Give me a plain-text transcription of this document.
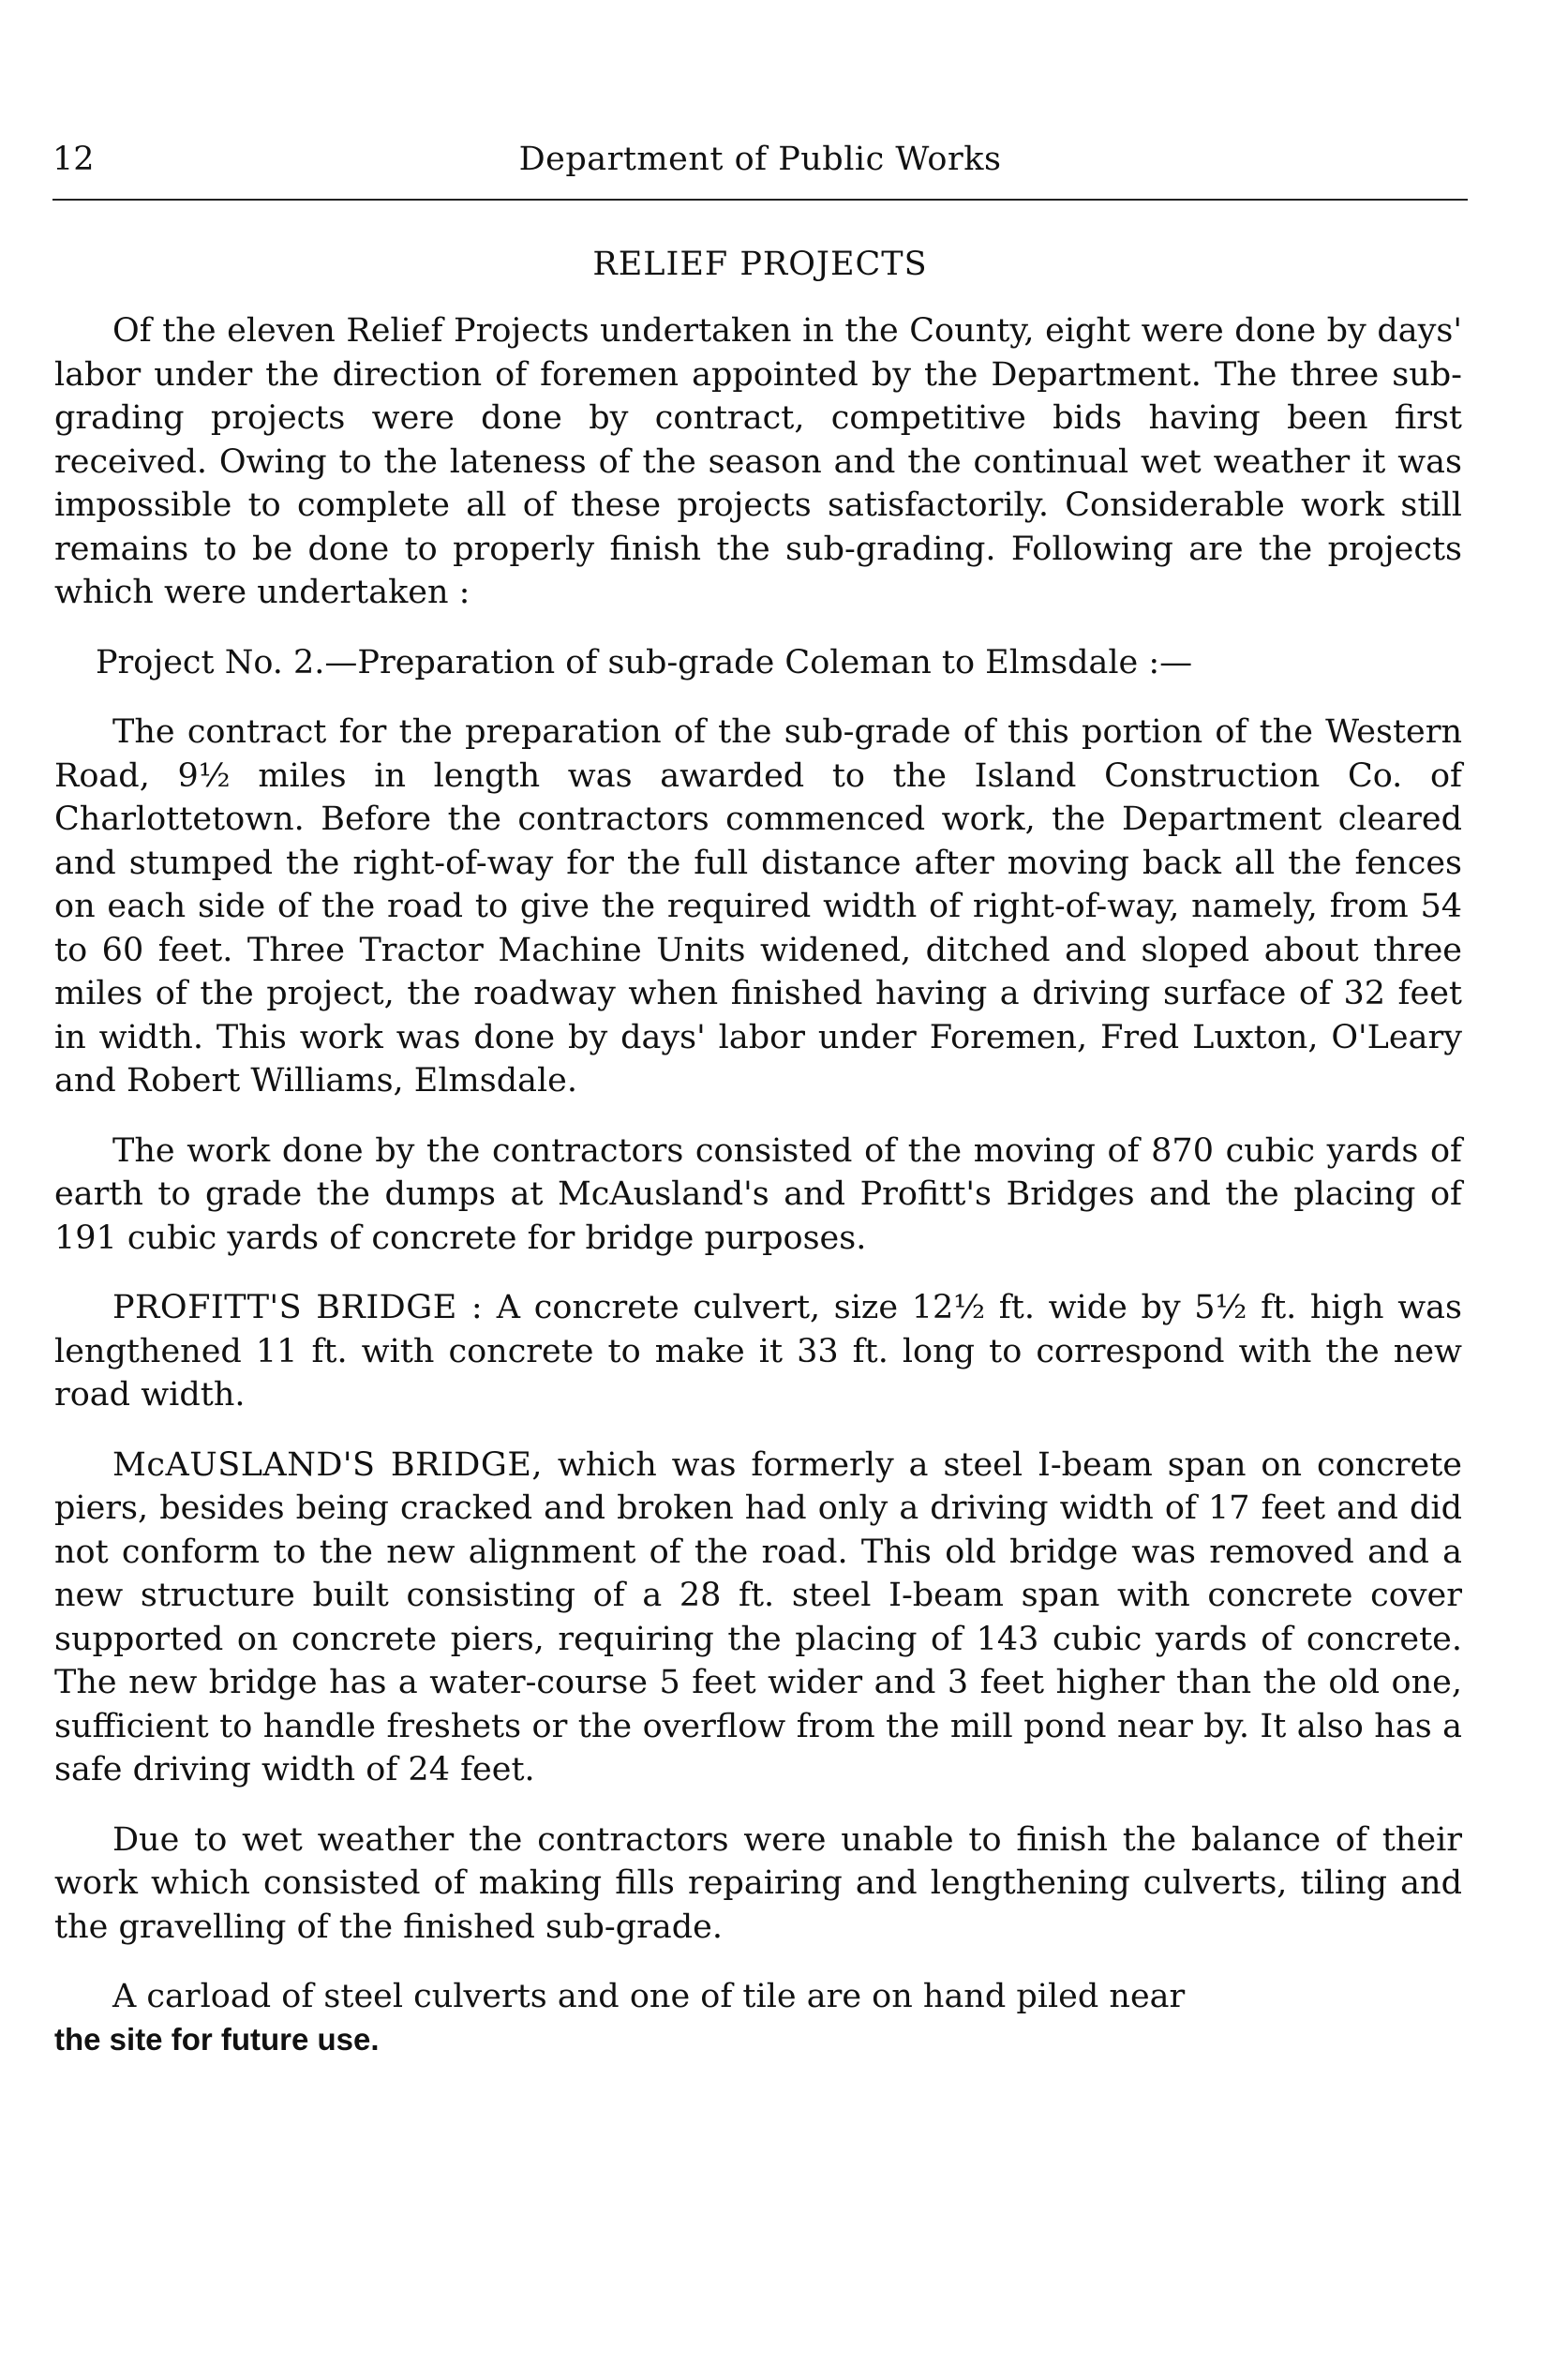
12	Department of Public Works
RELIEF PROJECTS

Of the eleven Relief Projects undertaken in the County, eight were done by days' labor under the direction of foremen appointed by the Department. The three sub-grading projects were done by contract, competitive bids having been first received. Owing to the lateness of the season and the continual wet weather it was impossible to complete all of these projects satisfactorily. Considerable work still remains to be done to properly finish the sub-grading. Following are the projects which were undertaken :

Project No. 2.—Preparation of sub-grade Coleman to Elmsdale :—

The contract for the preparation of the sub-grade of this portion of the Western Road, 9½ miles in length was awarded to the Island Construction Co. of Charlottetown. Before the contractors commenced work, the Department cleared and stumped the right-of-way for the full distance after moving back all the fences on each side of the road to give the required width of right-of-way, namely, from 54 to 60 feet. Three Tractor Machine Units widened, ditched and sloped about three miles of the project, the roadway when finished having a driving surface of 32 feet in width. This work was done by days' labor under Foremen, Fred Luxton, O'Leary and Robert Williams, Elmsdale.

The work done by the contractors consisted of the moving of 870 cubic yards of earth to grade the dumps at McAusland's and Profitt's Bridges and the placing of 191 cubic yards of concrete for bridge purposes.

PROFITT'S BRIDGE : A concrete culvert, size 12½ ft. wide by 5½ ft. high was lengthened 11 ft. with concrete to make it 33 ft. long to correspond with the new road width.

McAUSLAND'S BRIDGE, which was formerly a steel I-beam span on concrete piers, besides being cracked and broken had only a driving width of 17 feet and did not conform to the new alignment of the road. This old bridge was removed and a new structure built consisting of a 28 ft. steel I-beam span with concrete cover supported on concrete piers, requiring the placing of 143 cubic yards of concrete. The new bridge has a water-course 5 feet wider and 3 feet higher than the old one, sufficient to handle freshets or the overflow from the mill pond near by. It also has a safe driving width of 24 feet.

Due to wet weather the contractors were unable to finish the balance of their work which consisted of making fills repairing and lengthening culverts, tiling and the gravelling of the finished sub-grade.

A carload of steel culverts and one of tile are on hand piled near

the site for future use.
